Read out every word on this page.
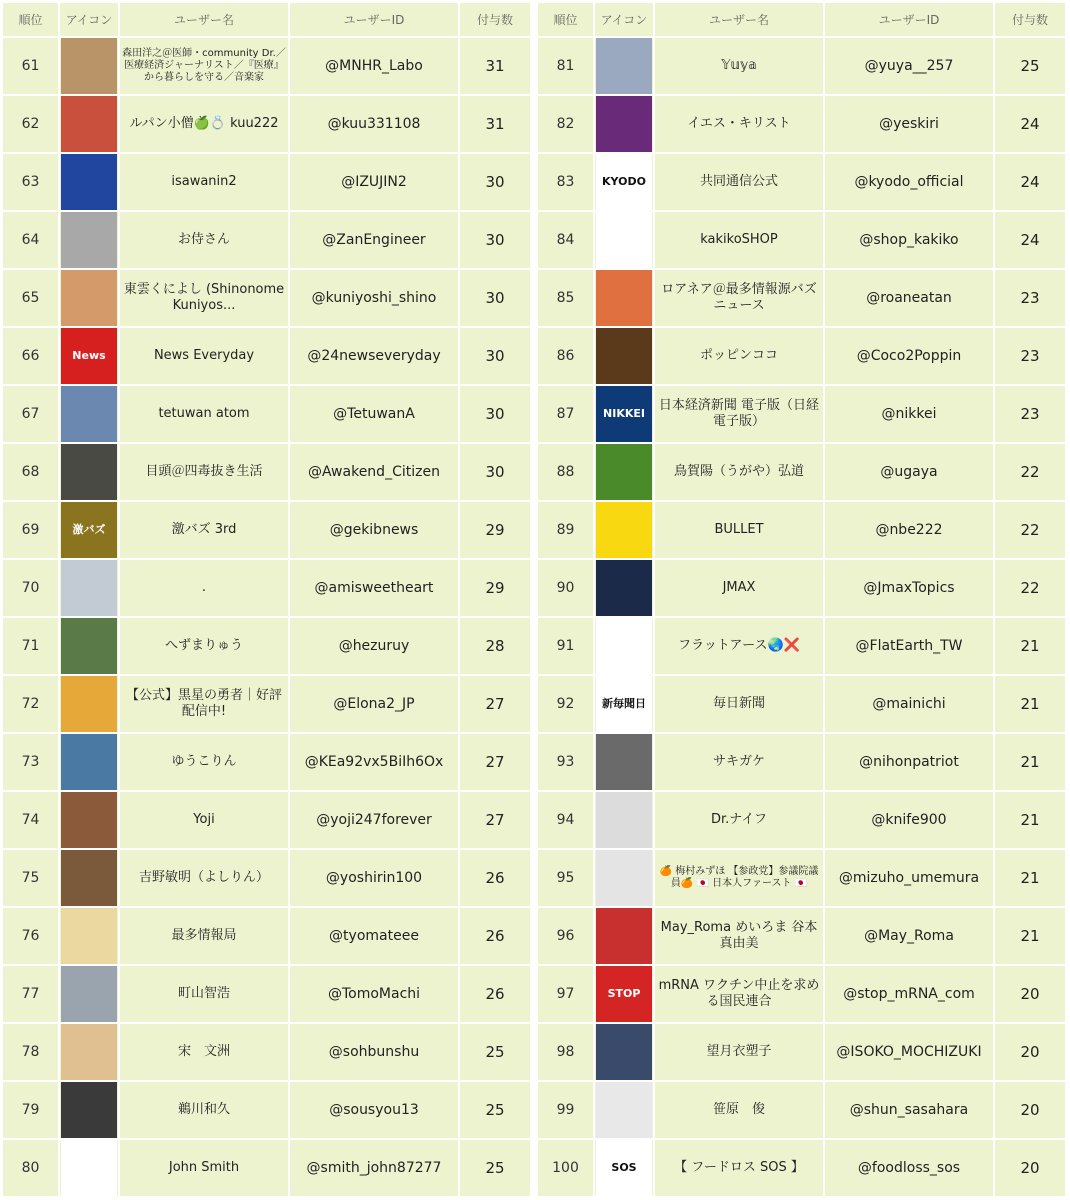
順位	アイコン	ユーザー名	ユーザーID	付与数
61		森田洋之＠医師・community Dr.／医療経済ジャーナリスト／『医療』から暮らしを守る／音楽家	@MNHR_Labo	31
62		ルパン小僧🍏💍 kuu222	@kuu331108	31
63		isawanin2	@IZUJIN2	30
64		お侍さん	@ZanEngineer	30
65		東雲くによし (Shinonome Kuniyos...	@kuniyoshi_shino	30
66	News	News Everyday	@24newseveryday	30
67		tetuwan atom	@TetuwanA	30
68		目頭＠四毒抜き生活	@Awakend_Citizen	30
69	激バズ	激バズ 3rd	@gekibnews	29
70		.	@amisweetheart	29
71		へずまりゅう	@hezuruy	28
72		【公式】黒星の勇者｜好評配信中!	@Elona2_JP	27
73		ゆうこりん	@KEa92vx5BiIh6Ox	27
74		Yoji	@yoji247forever	27
75		吉野敏明（よしりん）	@yoshirin100	26
76		最多情報局	@tyomateee	26
77		町山智浩	@TomoMachi	26
78		宋　文洲	@sohbunshu	25
79		鵜川和久	@sousyou13	25
80		John Smith	@smith_john87277	25
順位	アイコン	ユーザー名	ユーザーID	付与数
81		𝕐𝕦𝕪𝕒	@yuya__257	25
82		イエス・キリスト	@yeskiri	24
83	KYODO	共同通信公式	@kyodo_official	24
84		kakikoSHOP	@shop_kakiko	24
85		ロアネア＠最多情報源バズニュース	@roaneatan	23
86		ポッピンココ	@Coco2Poppin	23
87	NIKKEI	日本経済新聞 電子版（日経電子版）	@nikkei	23
88		鳥賀陽（うがや）弘道	@ugaya	22
89		BULLET	@nbe222	22
90		JMAX	@JmaxTopics	22
91		フラットアース🌏❌	@FlatEarth_TW	21
92	新毎聞日	毎日新聞	@mainichi	21
93		サキガケ	@nihonpatriot	21
94		Dr.ナイフ	@knife900	21
95		🍊 梅村みずほ 【参政党】参議院議員🍊 🇯🇵 日本人ファースト 🇯🇵	@mizuho_umemura	21
96		May_Roma めいろま 谷本真由美	@May_Roma	21
97	STOP	mRNA ワクチン中止を求める国民連合	@stop_mRNA_com	20
98		望月衣塑子	@ISOKO_MOCHIZUKI	20
99		笹原　俊	@shun_sasahara	20
100	SOS	【 フードロス SOS 】	@foodloss_sos	20
